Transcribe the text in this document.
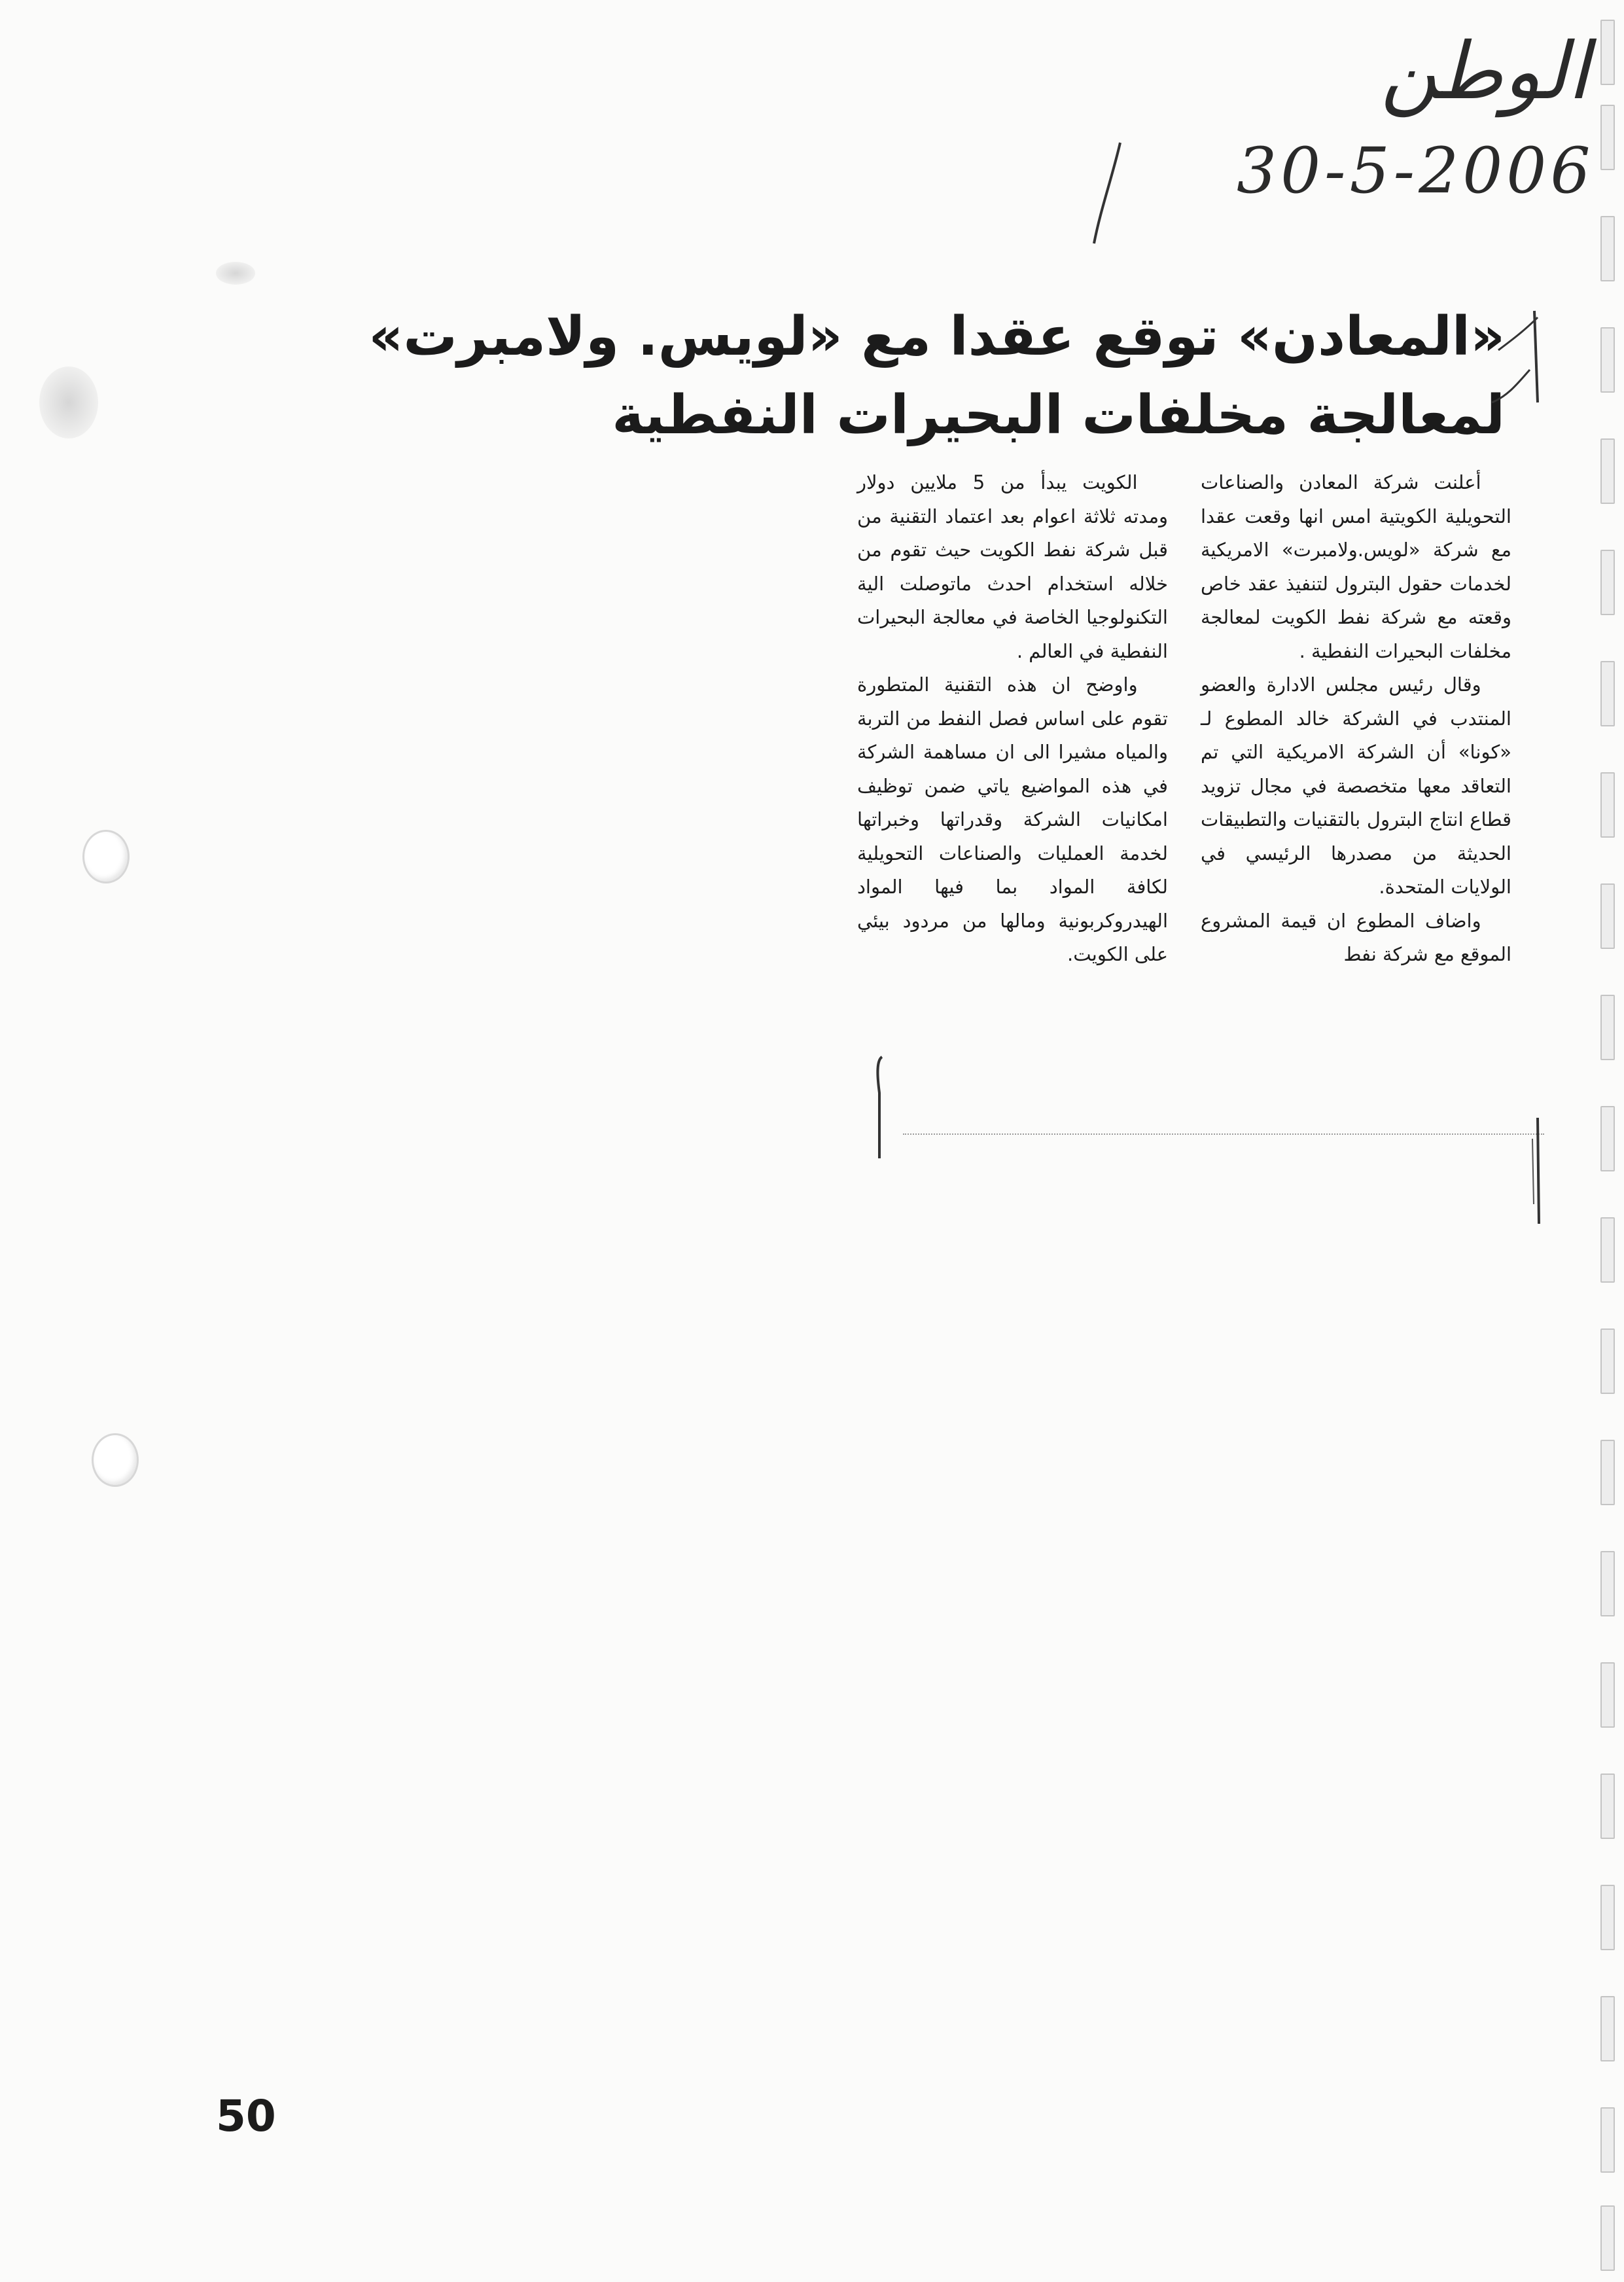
الوطن
30-5-2006
«المعادن» توقع عقدا مع «لويس. ولامبرت»
لمعالجة مخلفات البحيرات النفطية

أعلنت شركة المعادن والصناعات التحويلية الكويتية امس انها وقعت عقدا مع شركة «لويس.ولامبرت» الامريكية لخدمات حقول البترول لتنفيذ عقد خاص وقعته مع شركة نفط الكويت لمعالجة مخلفات البحيرات النفطية .

وقال رئيس مجلس الادارة والعضو المنتدب في الشركة خالد المطوع لـ «كونا» أن الشركة الامريكية التي تم التعاقد معها متخصصة في مجال تزويد قطاع انتاج البترول بالتقنيات والتطبيقات الحديثة من مصدرها الرئيسي في الولايات المتحدة.

واضاف المطوع ان قيمة المشروع الموقع مع شركة نفط

الكويت يبدأ من 5 ملايين دولار ومدته ثلاثة اعوام بعد اعتماد التقنية من قبل شركة نفط الكويت حيث تقوم من خلاله استخدام احدث ماتوصلت الية التكنولوجيا الخاصة في معالجة البحيرات النفطية في العالم .

واوضح ان هذه التقنية المتطورة تقوم على اساس فصل النفط من التربة والمياه مشيرا الى ان مساهمة الشركة في هذه المواضيع ياتي ضمن توظيف امكانيات الشركة وقدراتها وخبراتها لخدمة العمليات والصناعات التحويلية لكافة المواد بما فيها المواد الهيدروكربونية ومالها من مردود بيئي على الكويت.

50
